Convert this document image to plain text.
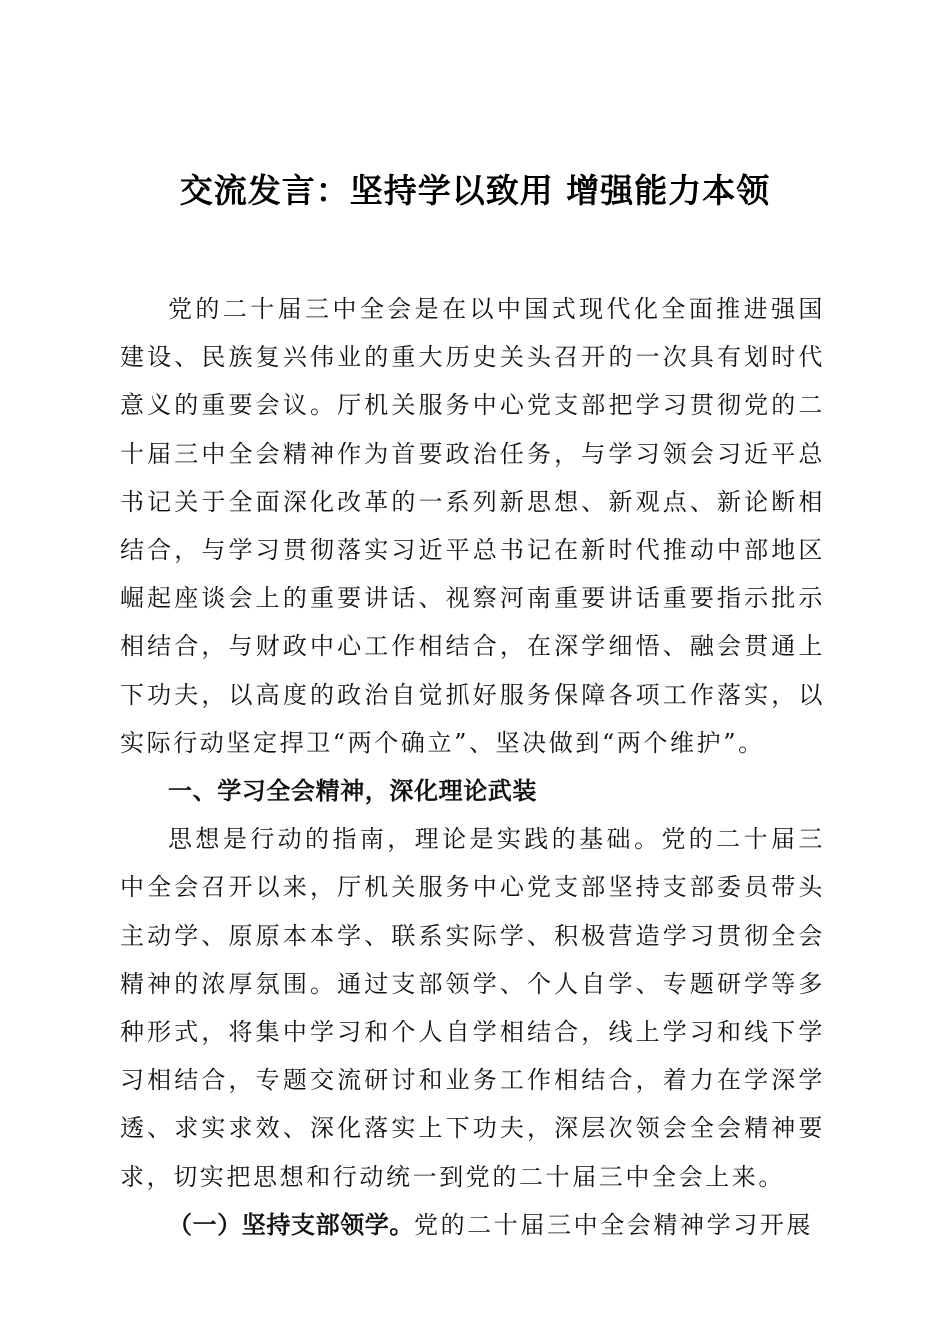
交流发言：坚持学以致用 增强能力本领

党的二十届三中全会是在以中国式现代化全面推进强国建设、民族复兴伟业的重大历史关头召开的一次具有划时代意义的重要会议。厅机关服务中心党支部把学习贯彻党的二十届三中全会精神作为首要政治任务，与学习领会习近平总书记关于全面深化改革的一系列新思想、新观点、新论断相结合，与学习贯彻落实习近平总书记在新时代推动中部地区崛起座谈会上的重要讲话、视察河南重要讲话重要指示批示相结合，与财政中心工作相结合，在深学细悟、融会贯通上下功夫，以高度的政治自觉抓好服务保障各项工作落实，以实际行动坚定捍卫“两个确立”、坚决做到“两个维护”。

一、学习全会精神，深化理论武装

思想是行动的指南，理论是实践的基础。党的二十届三中全会召开以来，厅机关服务中心党支部坚持支部委员带头主动学、原原本本学、联系实际学、积极营造学习贯彻全会精神的浓厚氛围。通过支部领学、个人自学、专题研学等多种形式，将集中学习和个人自学相结合，线上学习和线下学习相结合，专题交流研讨和业务工作相结合，着力在学深学透、求实求效、深化落实上下功夫，深层次领会全会精神要求，切实把思想和行动统一到党的二十届三中全会上来。

（一）坚持支部领学。党的二十届三中全会精神学习开展
